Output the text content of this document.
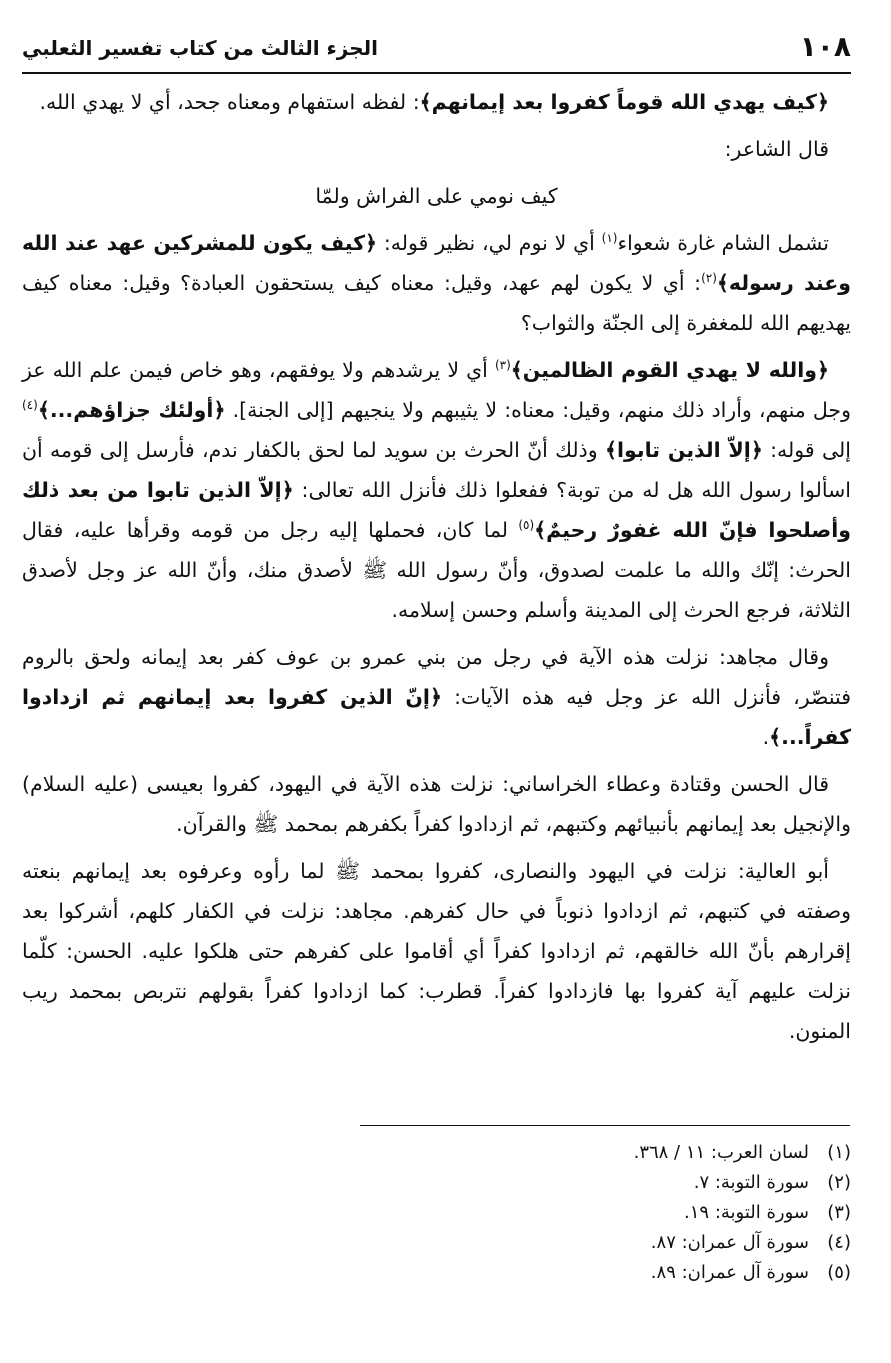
١٠٨
الجزء الثالث من كتاب تفسير الثعلبي

﴿كيف يهدي الله قوماً كفروا بعد إيمانهم﴾: لفظه استفهام ومعناه جحد، أي لا يهدي الله.

قال الشاعر:

كيف نومي على الفراش ولمّا

تشمل الشام غارة شعواء$^{(١)}$ أي لا نوم لي، نظير قوله: ﴿كيف يكون للمشركين عهد عند الله وعند رسوله﴾$^{(٢)}$: أي لا يكون لهم عهد، وقيل: معناه كيف يستحقون العبادة؟ وقيل: معناه كيف يهديهم الله للمغفرة إلى الجنّة والثواب؟

﴿والله لا يهدي القوم الظالمين﴾$^{(٣)}$ أي لا يرشدهم ولا يوفقهم، وهو خاص فيمن علم الله عز وجل منهم، وأراد ذلك منهم، وقيل: معناه: لا يثيبهم ولا ينجيهم [إلى الجنة]. ﴿أولئك جزاؤهم...﴾$^{(٤)}$ إلى قوله: ﴿إلاّ الذين تابوا﴾ وذلك أنّ الحرث بن سويد لما لحق بالكفار ندم، فأرسل إلى قومه أن اسألوا رسول الله هل له من توبة؟ ففعلوا ذلك فأنزل الله تعالى: ﴿إلاّ الذين تابوا من بعد ذلك وأصلحوا فإنّ الله غفورٌ رحيمٌ﴾$^{(٥)}$ لما كان، فحملها إليه رجل من قومه وقرأها عليه، فقال الحرث: إنّك والله ما علمت لصدوق، وأنّ رسول الله ﷺ لأصدق منك، وأنّ الله عز وجل لأصدق الثلاثة، فرجع الحرث إلى المدينة وأسلم وحسن إسلامه.

وقال مجاهد: نزلت هذه الآية في رجل من بني عمرو بن عوف كفر بعد إيمانه ولحق بالروم فتنصّر، فأنزل الله عز وجل فيه هذه الآيات: ﴿إنّ الذين كفروا بعد إيمانهم ثم ازدادوا كفراً...﴾.

قال الحسن وقتادة وعطاء الخراساني: نزلت هذه الآية في اليهود، كفروا بعيسى (عليه السلام) والإنجيل بعد إيمانهم بأنبيائهم وكتبهم، ثم ازدادوا كفراً بكفرهم بمحمد ﷺ والقرآن.

أبو العالية: نزلت في اليهود والنصارى، كفروا بمحمد ﷺ لما رأوه وعرفوه بعد إيمانهم بنعته وصفته في كتبهم، ثم ازدادوا ذنوباً في حال كفرهم. مجاهد: نزلت في الكفار كلهم، أشركوا بعد إقرارهم بأنّ الله خالقهم، ثم ازدادوا كفراً أي أقاموا على كفرهم حتى هلكوا عليه. الحسن: كلّما نزلت عليهم آية كفروا بها فازدادوا كفراً. قطرب: كما ازدادوا كفراً بقولهم نتربص بمحمد ريب المنون.

(١)
لسان العرب: ١١ / ٣٦٨.
(٢)
سورة التوبة: ٧.
(٣)
سورة التوبة: ١٩.
(٤)
سورة آل عمران: ٨٧.
(٥)
سورة آل عمران: ٨٩.
